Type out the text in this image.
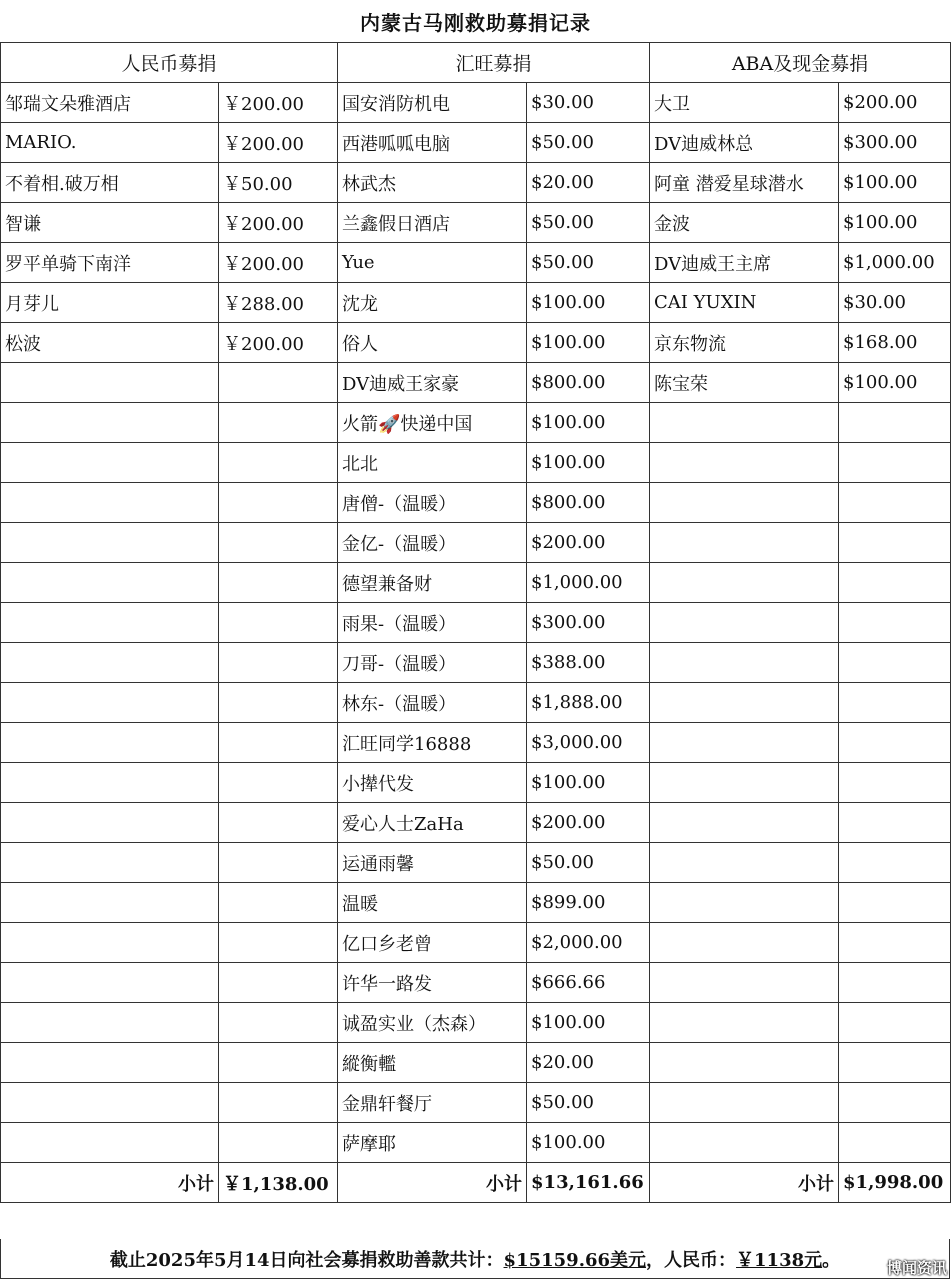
内蒙古马刚救助募捐记录
人民币募捐		汇旺募捐		ABA及现金募捐	
邹瑞文朵雅酒店	￥200.00	国安消防机电	$30.00	大卫	$200.00
MARIO.	￥200.00	西港呱呱电脑	$50.00	DV迪威林总	$300.00
不着相.破万相	￥50.00	林武杰	$20.00	阿童 潜爱星球潜水	$100.00
智谦	￥200.00	兰鑫假日酒店	$50.00	金波	$100.00
罗平单骑下南洋	￥200.00	Yue	$50.00	DV迪威王主席	$1,000.00
月芽儿	￥288.00	沈龙	$100.00	CAI YUXIN	$30.00
松波	￥200.00	俗人	$100.00	京东物流	$168.00
		DV迪威王家豪	$800.00	陈宝荣	$100.00
		火箭🚀快递中国	$100.00		
		北北	$100.00		
		唐僧-（温暖）	$800.00		
		金亿-（温暖）	$200.00		
		德望兼备财	$1,000.00		
		雨果-（温暖）	$300.00		
		刀哥-（温暖）	$388.00		
		林东-（温暖）	$1,888.00		
		汇旺同学16888	$3,000.00		
		小撵代发	$100.00		
		爱心人士ZaHa	$200.00		
		运通雨馨	$50.00		
		温暖	$899.00		
		亿口乡老曾	$2,000.00		
		许华一路发	$666.66		
		诚盈实业（杰森）	$100.00		
		縱衡轞	$20.00		
		金鼎轩餐厅	$50.00		
		萨摩耶	$100.00		
小计	￥1,138.00	小计	$13,161.66	小计	$1,998.00
截止2025年5月14日向社会募捐救助善款共计： $15159.66美元 ，人民币： ￥1138元 。	博闻资讯
